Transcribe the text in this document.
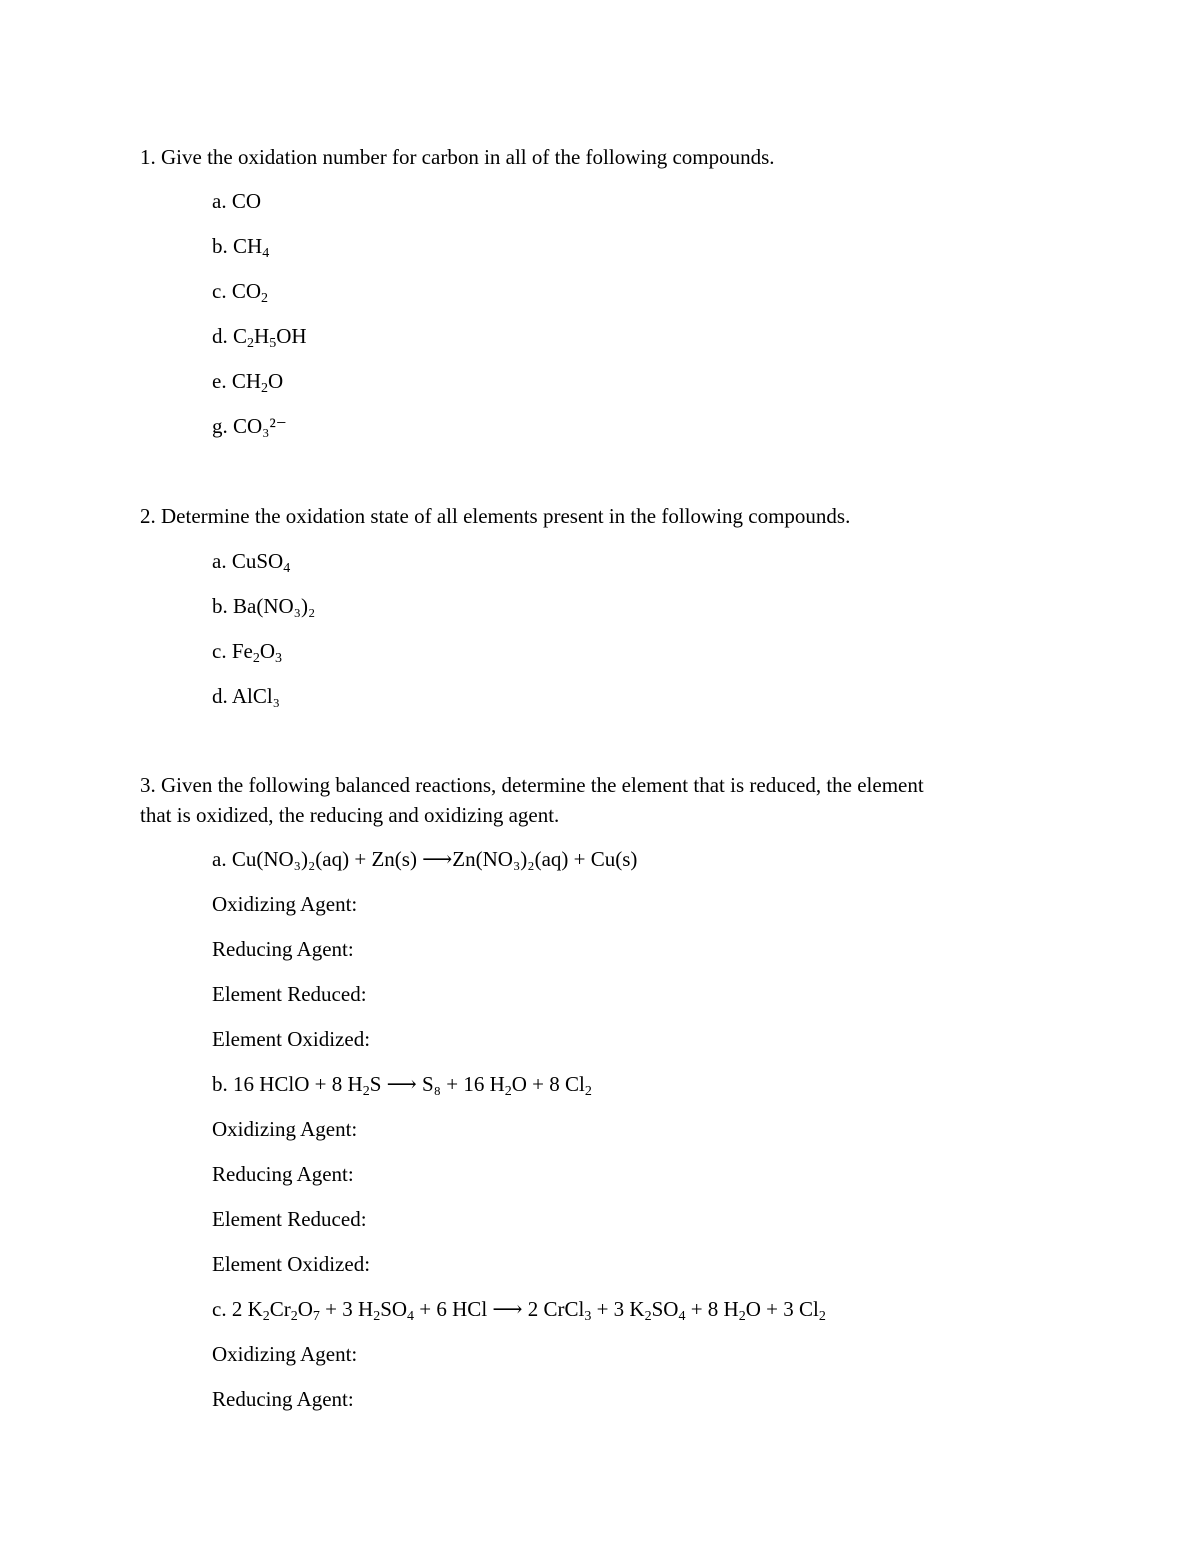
1. Give the oxidation number for carbon in all of the following compounds.
a. CO
b. $CH_4$
c. $CO_2$
d. $C_2H_5OH$
e. $CH_2O$
g. CO₃²⁻
2. Determine the oxidation state of all elements present in the following compounds.
a. CuSO$_4$
b. Ba(NO₃)₂
c. $Fe_2O_3$
d. AlCl₃
3. Given the following balanced reactions, determine the element that is reduced, the element
that is oxidized, the reducing and oxidizing agent.
a. Cu(NO₃)₂(aq) + Zn(s) ⟶Zn(NO₃)₂(aq) + Cu(s)
Oxidizing Agent:
Reducing Agent:
Element Reduced:
Element Oxidized:
b. 16 HClO + 8 $H_2S$ ⟶ S₈ + 16 $H_2O + 8$ $Cl_2$
Oxidizing Agent:
Reducing Agent:
Element Reduced:
Element Oxidized:
c. 2 $K_2Cr_2O_7 + 3$ $H_2SO_4 + 6$ HCl ⟶ 2 CrCl$_3$ + 3 $K_2SO_4 + 8$ $H_2O + 3$ $Cl_2$
Oxidizing Agent:
Reducing Agent:
